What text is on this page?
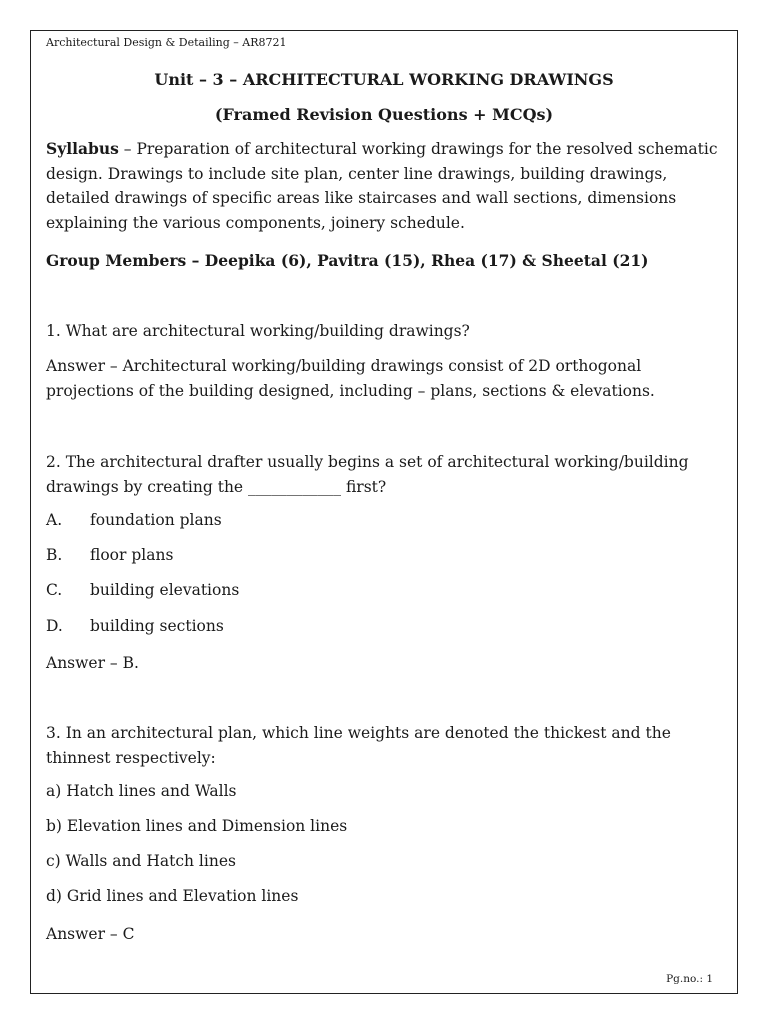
Architectural Design & Detailing – AR8721
Unit – 3 – ARCHITECTURAL WORKING DRAWINGS
(Framed Revision Questions + MCQs)
Syllabus – Preparation of architectural working drawings for the resolved schematic design. Drawings to include site plan, center line drawings, building drawings, detailed drawings of specific areas like staircases and wall sections, dimensions explaining the various components, joinery schedule.
Group Members – Deepika (6), Pavitra (15), Rhea (17) & Sheetal (21)
1. What are architectural working/building drawings?
Answer – Architectural working/building drawings consist of 2D orthogonal projections of the building designed, including – plans, sections & elevations.
2. The architectural drafter usually begins a set of architectural working/building drawings by creating the ____________ first?
A. foundation plans
B. floor plans
C. building elevations
D. building sections
Answer – B.
3. In an architectural plan, which line weights are denoted the thickest and the thinnest respectively:
a) Hatch lines and Walls
b) Elevation lines and Dimension lines
c) Walls and Hatch lines
d) Grid lines and Elevation lines
Answer – C
Pg.no.: 1
